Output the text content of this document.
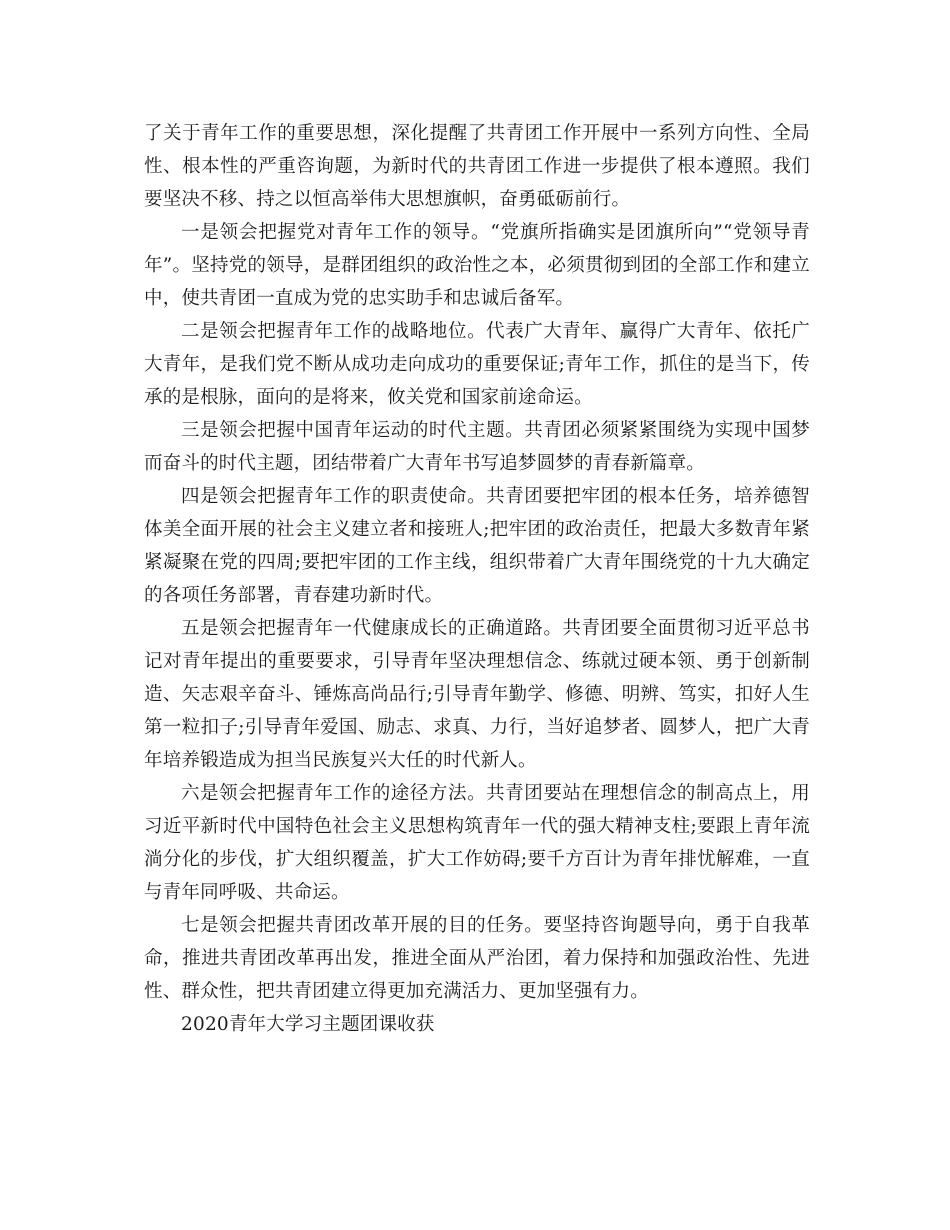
了关于青年工作的重要思想，深化提醒了共青团工作开展中一系列方向性、全局性、根本性的严重咨询题，为新时代的共青团工作进一步提供了根本遵照。我们要坚决不移、持之以恒高举伟大思想旗帜，奋勇砥砺前行。

一是领会把握党对青年工作的领导。“党旗所指确实是团旗所向”“党领导青年”。坚持党的领导，是群团组织的政治性之本，必须贯彻到团的全部工作和建立中，使共青团一直成为党的忠实助手和忠诚后备军。

二是领会把握青年工作的战略地位。代表广大青年、赢得广大青年、依托广大青年，是我们党不断从成功走向成功的重要保证;青年工作，抓住的是当下，传承的是根脉，面向的是将来，攸关党和国家前途命运。

三是领会把握中国青年运动的时代主题。共青团必须紧紧围绕为实现中国梦而奋斗的时代主题，团结带着广大青年书写追梦圆梦的青春新篇章。

四是领会把握青年工作的职责使命。共青团要把牢团的根本任务，培养德智体美全面开展的社会主义建立者和接班人;把牢团的政治责任，把最大多数青年紧紧凝聚在党的四周;要把牢团的工作主线，组织带着广大青年围绕党的十九大确定的各项任务部署，青春建功新时代。

五是领会把握青年一代健康成长的正确道路。共青团要全面贯彻习近平总书记对青年提出的重要要求，引导青年坚决理想信念、练就过硬本领、勇于创新制造、矢志艰辛奋斗、锤炼高尚品行;引导青年勤学、修德、明辨、笃实，扣好人生第一粒扣子;引导青年爱国、励志、求真、力行，当好追梦者、圆梦人，把广大青年培养锻造成为担当民族复兴大任的时代新人。

六是领会把握青年工作的途径方法。共青团要站在理想信念的制高点上，用习近平新时代中国特色社会主义思想构筑青年一代的强大精神支柱;要跟上青年流淌分化的步伐，扩大组织覆盖，扩大工作妨碍;要千方百计为青年排忧解难，一直与青年同呼吸、共命运。

七是领会把握共青团改革开展的目的任务。要坚持咨询题导向，勇于自我革命，推进共青团改革再出发，推进全面从严治团，着力保持和加强政治性、先进性、群众性，把共青团建立得更加充满活力、更加坚强有力。

2020青年大学习主题团课收获
